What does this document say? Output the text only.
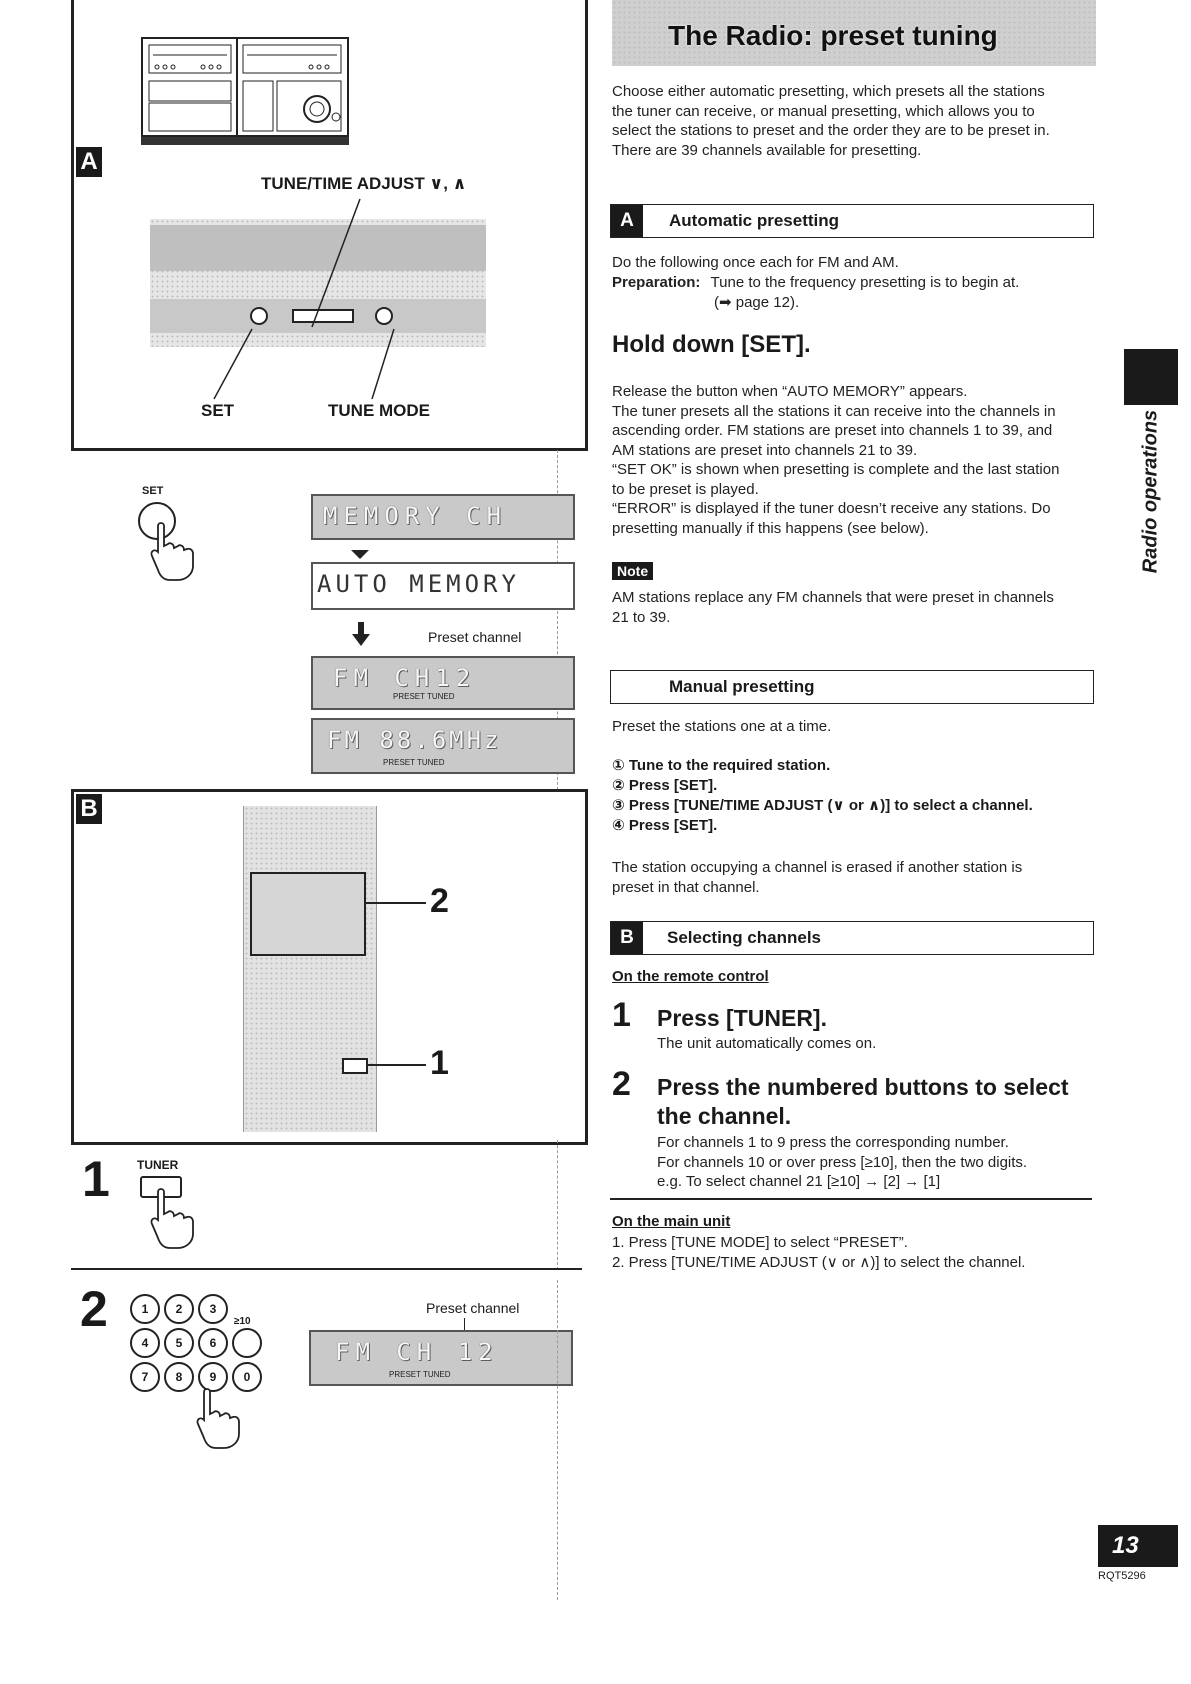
A
TUNE/TIME ADJUST ∨, ∧
SET	TUNE MODE
SET
MEMORY CH
AUTO MEMORY
Preset channel
FM CH12
PRESET TUNED
FM 88.6MHz
PRESET TUNED
B
2
1
1 TUNER
2	1	2	3
≥10
4	5	6
7	8	9	0
Preset channel
FM CH 12
PRESET TUNED
The Radio: preset tuning
Choose either automatic presetting, which presets all the stations
the tuner can receive, or manual presetting, which allows you to
select the stations to preset and the order they are to be preset in.
There are 39 channels available for presetting.
A	Automatic presetting
Do the following once each for FM and AM.
Preparation: Tune to the frequency presetting is to begin at.
(➡ page 12).
Hold down [SET].
Release the button when “AUTO MEMORY” appears.
The tuner presets all the stations it can receive into the channels in
ascending order. FM stations are preset into channels 1 to 39, and
AM stations are preset into channels 21 to 39.
“SET OK” is shown when presetting is complete and the last station
to be preset is played.
“ERROR” is displayed if the tuner doesn’t receive any stations. Do
presetting manually if this happens (see below).
Note
AM stations replace any FM channels that were preset in channels
21 to 39.
Manual presetting
Preset the stations one at a time.
① Tune to the required station.
② Press [SET].
③ Press [TUNE/TIME ADJUST (∨ or ∧)] to select a channel.
④ Press [SET].
The station occupying a channel is erased if another station is
preset in that channel.
B	Selecting channels
On the remote control
1 Press [TUNER].
The unit automatically comes on.
2 Press the numbered buttons to select
the channel.
For channels 1 to 9 press the corresponding number.
For channels 10 or over press [≥10], then the two digits.
e.g. To select channel 21 [≥10] → [2] → [1]
On the main unit
1. Press [TUNE MODE] to select “PRESET”.
2. Press [TUNE/TIME ADJUST (∨ or ∧)] to select the channel.
Radio operations
13
RQT5296
